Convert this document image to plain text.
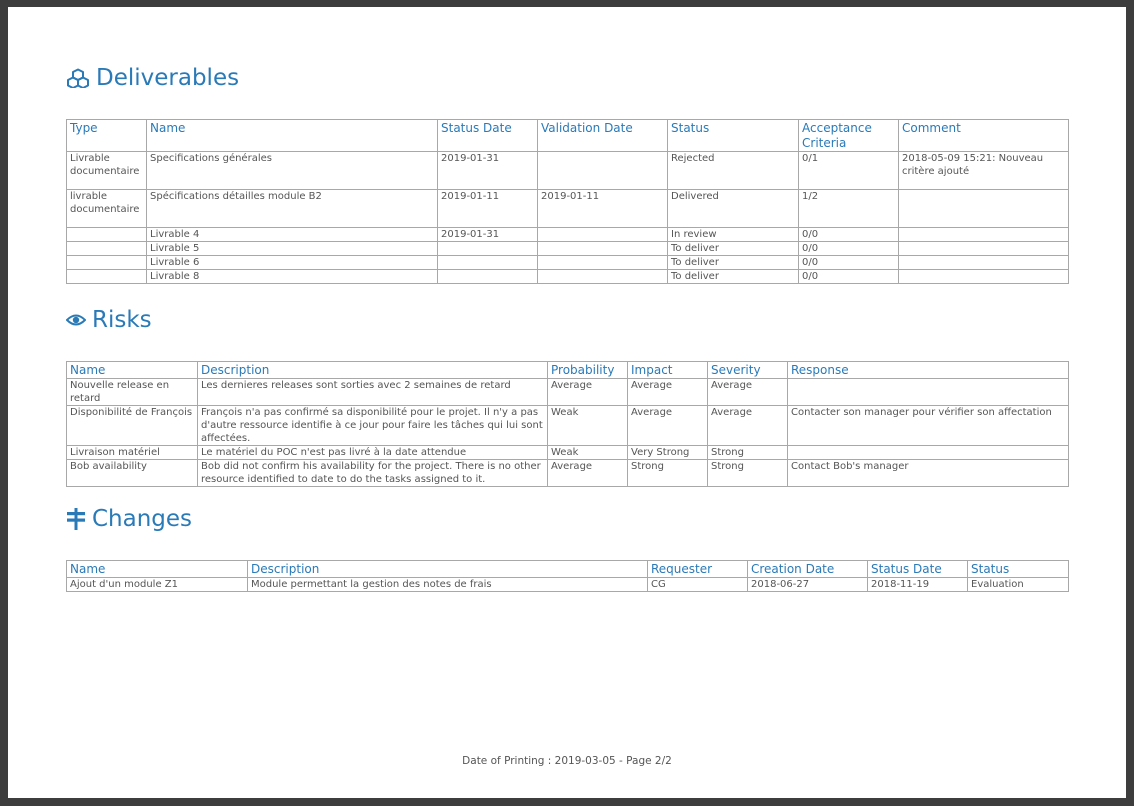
Deliverables
Type	Name	Status Date	Validation Date	Status	Acceptance Criteria	Comment
Livrable documentaire	Specifications générales	2019-01-31		Rejected	0/1	2018-05-09 15:21: Nouveau critère ajouté
livrable documentaire	Spécifications détailles module B2	2019-01-11	2019-01-11	Delivered	1/2	
	Livrable 4	2019-01-31		In review	0/0	
	Livrable 5			To deliver	0/0	
	Livrable 6			To deliver	0/0	
	Livrable 8			To deliver	0/0	
Risks
Name	Description	Probability	Impact	Severity	Response
Nouvelle release en retard	Les dernieres releases sont sorties avec 2 semaines de retard	Average	Average	Average	
Disponibilité de François	François n'a pas confirmé sa disponibilité pour le projet. Il n'y a pas d'autre ressource identifie à ce jour pour faire les tâches qui lui sont affectées.	Weak	Average	Average	Contacter son manager pour vérifier son affectation
Livraison matériel	Le matériel du POC n'est pas livré à la date attendue	Weak	Very Strong	Strong	
Bob availability	Bob did not confirm his availability for the project. There is no other resource identified to date to do the tasks assigned to it.	Average	Strong	Strong	Contact Bob's manager
Changes
Name	Description	Requester	Creation Date	Status Date	Status
Ajout d'un module Z1	Module permettant la gestion des notes de frais	CG	2018-06-27	2018-11-19	Evaluation
Date of Printing : 2019-03-05 - Page 2/2
